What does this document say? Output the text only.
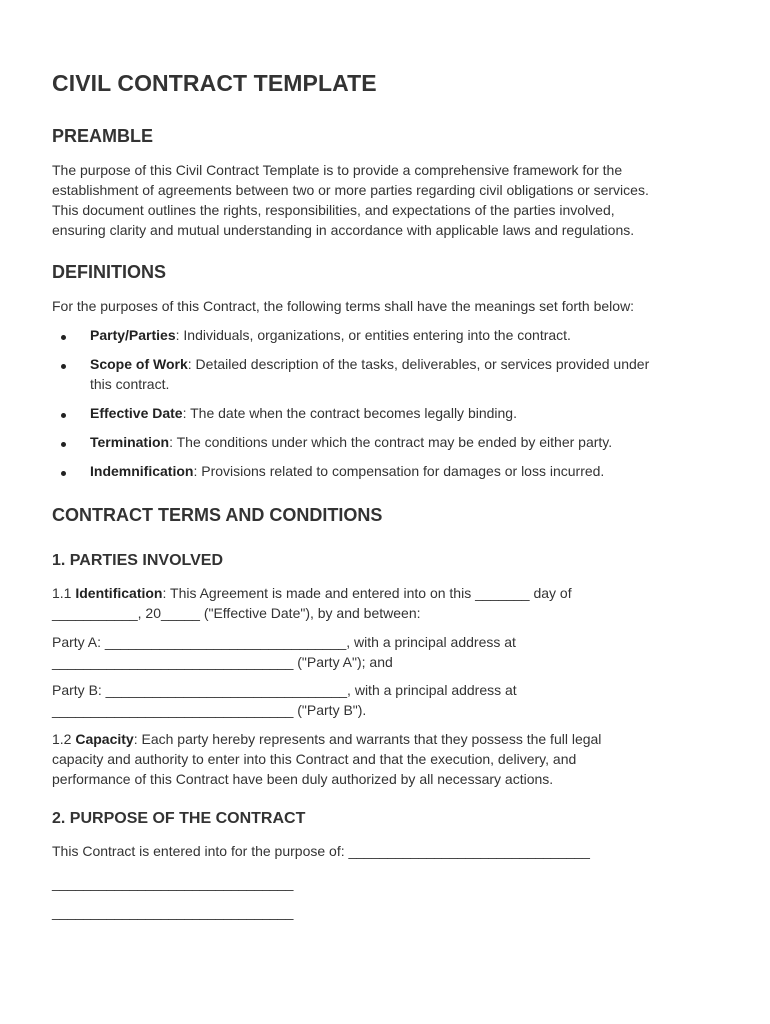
CIVIL CONTRACT TEMPLATE
PREAMBLE

The purpose of this Civil Contract Template is to provide a comprehensive framework for the
establishment of agreements between two or more parties regarding civil obligations or services.
This document outlines the rights, responsibilities, and expectations of the parties involved,
ensuring clarity and mutual understanding in accordance with applicable laws and regulations.

DEFINITIONS

For the purposes of this Contract, the following terms shall have the meanings set forth below:

Party/Parties: Individuals, organizations, or entities entering into the contract.
Scope of Work: Detailed description of the tasks, deliverables, or services provided under
this contract.
Effective Date: The date when the contract becomes legally binding.
Termination: The conditions under which the contract may be ended by either party.
Indemnification: Provisions related to compensation for damages or loss incurred.
CONTRACT TERMS AND CONDITIONS
1. PARTIES INVOLVED

1.1 Identification: This Agreement is made and entered into on this _______ day of
___________, 20_____ ("Effective Date"), by and between:

Party A: _______________________________, with a principal address at
_______________________________ ("Party A"); and

Party B: _______________________________, with a principal address at
_______________________________ ("Party B").

1.2 Capacity: Each party hereby represents and warrants that they possess the full legal
capacity and authority to enter into this Contract and that the execution, delivery, and
performance of this Contract have been duly authorized by all necessary actions.

2. PURPOSE OF THE CONTRACT

This Contract is entered into for the purpose of: _______________________________

_______________________________
_______________________________
